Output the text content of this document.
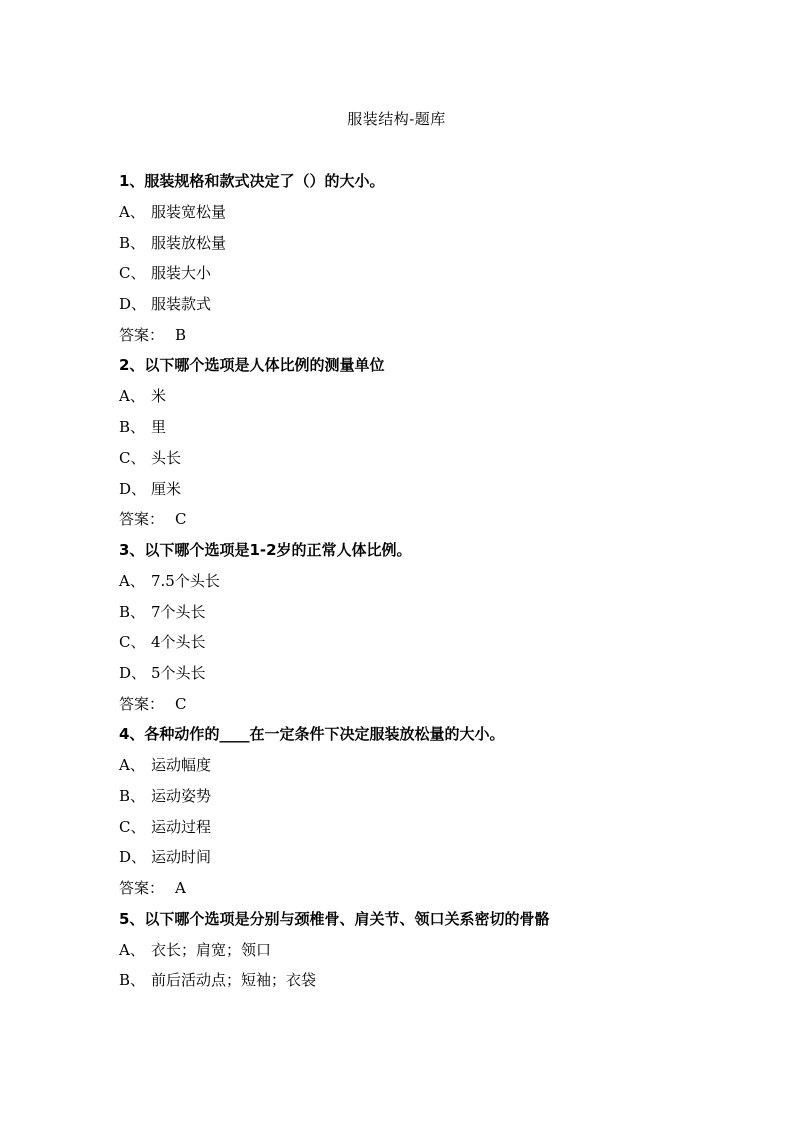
服装结构-题库
1、服装规格和款式决定了（）的大小。
A、 服装宽松量
B、 服装放松量
C、 服装大小
D、 服装款式
答案： B
2、以下哪个选项是人体比例的测量单位
A、 米
B、 里
C、 头长
D、 厘米
答案： C
3、以下哪个选项是1-2岁的正常人体比例。
A、 7.5个头长
B、 7个头长
C、 4个头长
D、 5个头长
答案： C
4、各种动作的____在一定条件下决定服装放松量的大小。
A、 运动幅度
B、 运动姿势
C、 运动过程
D、 运动时间
答案： A
5、以下哪个选项是分别与颈椎骨、肩关节、领口关系密切的骨骼
A、 衣长；肩宽；领口
B、 前后活动点；短袖；衣袋
